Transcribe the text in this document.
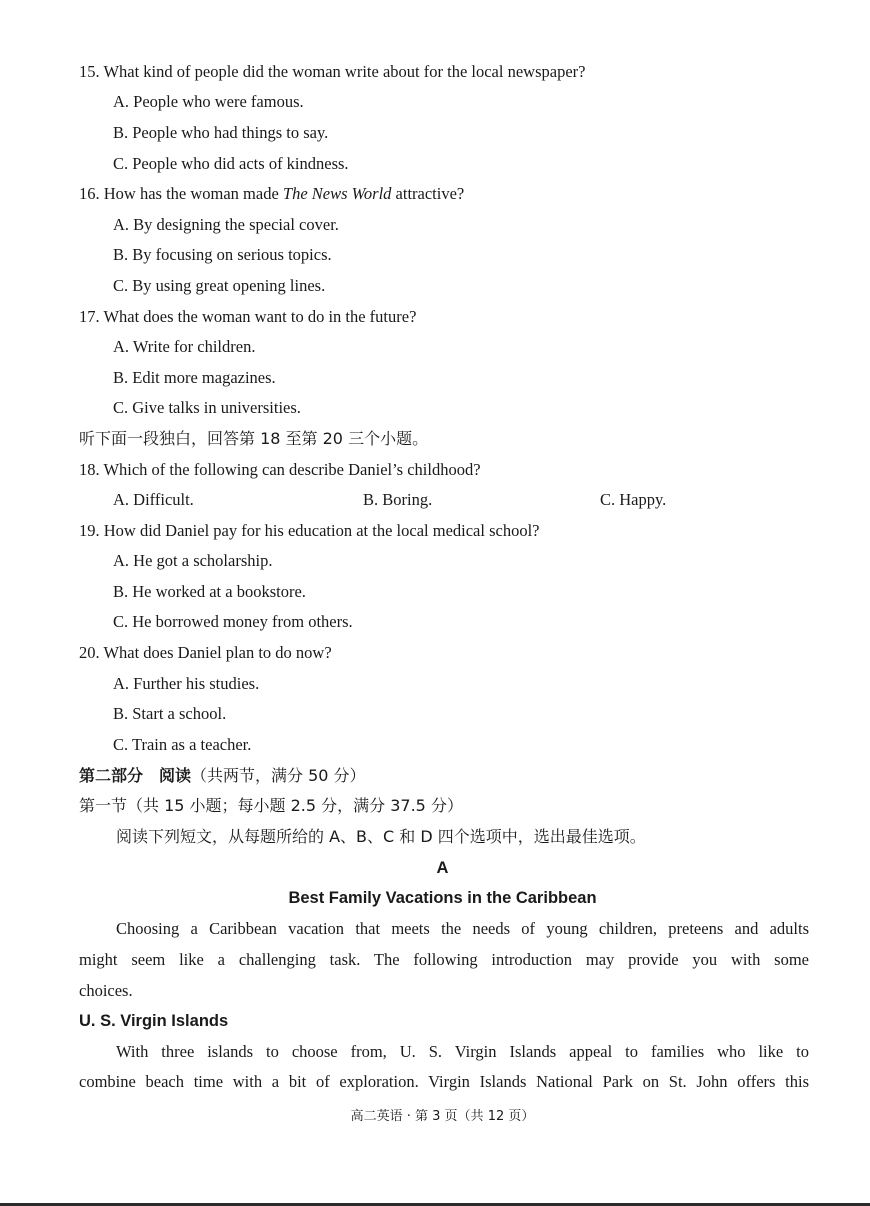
15. What kind of people did the woman write about for the local newspaper?
A. People who were famous.
B. People who had things to say.
C. People who did acts of kindness.
16. How has the woman made The News World attractive?
A. By designing the special cover.
B. By focusing on serious topics.
C. By using great opening lines.
17. What does the woman want to do in the future?
A. Write for children.
B. Edit more magazines.
C. Give talks in universities.
听下面一段独白，回答第 18 至第 20 三个小题。
18. Which of the following can describe Daniel’s childhood?
A. Difficult.	B. Boring.	C. Happy.
19. How did Daniel pay for his education at the local medical school?
A. He got a scholarship.
B. He worked at a bookstore.
C. He borrowed money from others.
20. What does Daniel plan to do now?
A. Further his studies.
B. Start a school.
C. Train as a teacher.
第二部分　阅读（共两节，满分 50 分）
第一节（共 15 小题；每小题 2.5 分，满分 37.5 分）
阅读下列短文，从每题所给的 A、B、C 和 D 四个选项中，选出最佳选项。
A
Best Family Vacations in the Caribbean
Choosing a Caribbean vacation that meets the needs of young children, preteens and adults
might seem like a challenging task. The following introduction may provide you with some
choices.
U. S. Virgin Islands
With three islands to choose from, U. S. Virgin Islands appeal to families who like to
combine beach time with a bit of exploration. Virgin Islands National Park on St. John offers this
高二英语 · 第 3 页（共 12 页）
